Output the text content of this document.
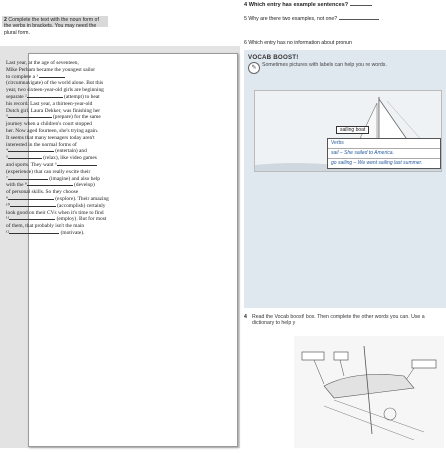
2 Complete the text with the noun form of the verbs in brackets. You may need the plural form.
4 Which entry has example sentences?
5 Why are there two examples, not one?
6 Which entry has no information about pronun

Last year, at the age of seventeen,

Mike Perham became the youngest sailor

to complete a ¹

(circumnavigate) of the world alone. But this

year, two sixteen-year-old girls are beginning

separate ²	(attempt) to beat

his record. Last year, a thirteen-year-old

Dutch girl, Laura Dekker, was finishing her

³	(prepare) for the same

journey when a children's court stopped

her. Now aged fourteen, she's trying again.

It seems that many teenagers today aren't

interested in the normal forms of

⁴	(entertain) and

⁵	(relax), like video games

and sports. They want ⁶

(experience) that can really excite their

⁷	(imagine) and also help

with the ⁸	(develop)

of personal skills. So they choose

⁹	(explore). Their amazing

¹⁰	(accomplish) certainly

look good on their CVs when it's time to find

¹¹	(employ). But for most

of them, that probably isn't the main

¹²	(motivate).

VOCAB BOOST!
✎	Sometimes pictures with labels can help you re words.
sailing boat
Verbs
sail – She sailed to America.
go sailing – We went sailing last summer.
4 Read the Vocab boost! box. Then complete the other words you can. Use a dictionary to help y
